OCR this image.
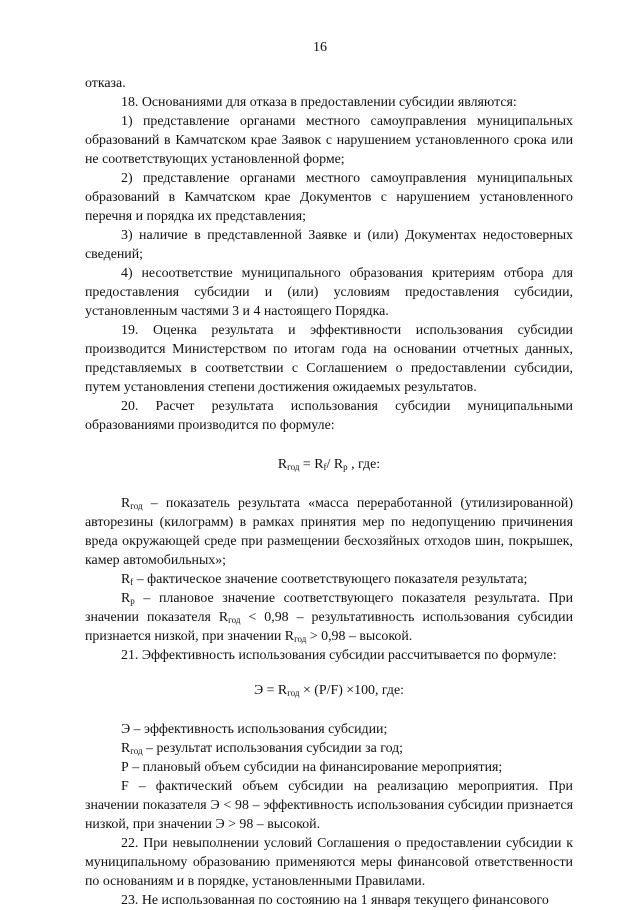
16

отказа.

18. Основаниями для отказа в предоставлении субсидии являются:

1) представление органами местного самоуправления муниципальных образований в Камчатском крае Заявок с нарушением установленного срока или не соответствующих установленной форме;

2) представление органами местного самоуправления муниципальных образований в Камчатском крае Документов с нарушением установленного перечня и порядка их представления;

3) наличие в представленной Заявке и (или) Документах недостоверных сведений;

4) несоответствие муниципального образования критериям отбора для предоставления субсидии и (или) условиям предоставления субсидии, установленным частями 3 и 4 настоящего Порядка.

19. Оценка результата и эффективности использования субсидии производится Министерством по итогам года на основании отчетных данных, представляемых в соответствии с Соглашением о предоставлении субсидии, путем установления степени достижения ожидаемых результатов.

20. Расчет результата использования субсидии муниципальными образованиями производится по формуле:

$R_{год} = R_f/$ $R_p$ , где:

$R_{год}$ – показатель результата «масса переработанной (утилизированной) авторезины (килограмм) в рамках принятия мер по недопущению причинения вреда окружающей среде при размещении бесхозяйных отходов шин, покрышек, камер автомобильных»;

$R_f$ – фактическое значение соответствующего показателя результата;

$R_p$ – плановое значение соответствующего показателя результата. При значении показателя $R_{год} < 0,98$ – результативность использования субсидии признается низкой, при значении $R_{год} > 0,98$ – высокой.

21. Эффективность использования субсидии рассчитывается по формуле:

$Э = R_{год} \times (P/F) \times 100$, где:

Э – эффективность использования субсидии;

$R_{год}$ – результат использования субсидии за год;

Р – плановый объем субсидии на финансирование мероприятия;

F – фактический объем субсидии на реализацию мероприятия. При значении показателя Э < 98 – эффективность использования субсидии признается низкой, при значении Э > 98 – высокой.

22. При невыполнении условий Соглашения о предоставлении субсидии к муниципальному образованию применяются меры финансовой ответственности по основаниям и в порядке, установленными Правилами.

23. Не использованная по состоянию на 1 января текущего финансового
